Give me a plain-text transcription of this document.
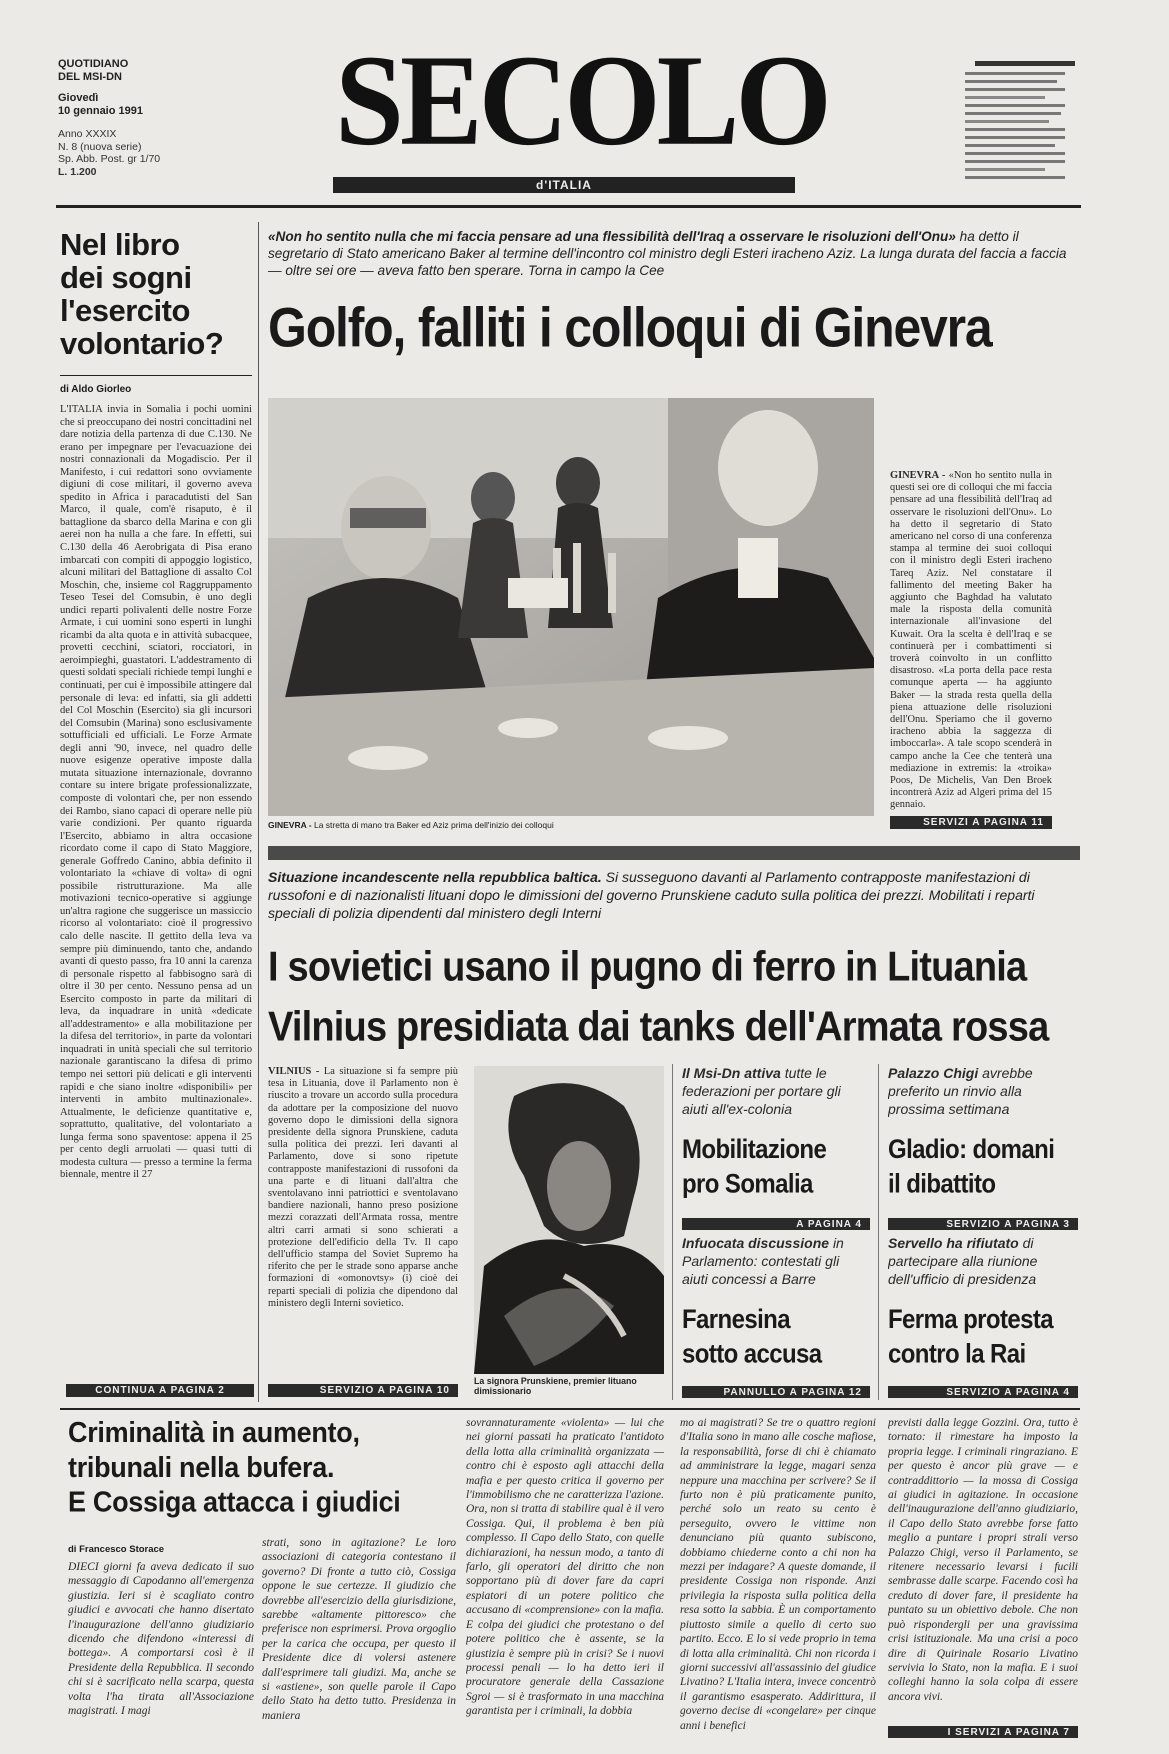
QUOTIDIANO
DEL MSI-DN
Giovedì
10 gennaio 1991
Anno XXXIX
N. 8 (nuova serie)
Sp. Abb. Post. gr 1/70
L. 1.200	SECOLO
d'ITALIA
Nel libro
dei sogni
l'esercito
volontario?
di Aldo Giorleo
L'ITALIA invia in Somalia i pochi uomini che si preoccupano dei nostri concittadini nel dare notizia della partenza di due C.130. Ne erano per impegnare per l'evacuazione dei nostri connazionali da Mogadiscio. Per il Manifesto, i cui redattori sono ovviamente digiuni di cose militari, il governo aveva spedito in Africa i paracadutisti del San Marco, il quale, com'è risaputo, è il battaglione da sbarco della Marina e con gli aerei non ha nulla a che fare. In effetti, sui C.130 della 46 Aerobrigata di Pisa erano imbarcati con compiti di appoggio logistico, alcuni militari del Battaglione di assalto Col Moschin, che, insieme col Raggruppamento Teseo Tesei del Comsubin, è uno degli undici reparti polivalenti delle nostre Forze Armate, i cui uomini sono esperti in lunghi ricambi da alta quota e in attività subacquee, provetti cecchini, sciatori, rocciatori, in aeroimpieghi, guastatori. L'addestramento di questi soldati speciali richiede tempi lunghi e continuati, per cui è impossibile attingere dal personale di leva: ed infatti, sia gli addetti del Col Moschin (Esercito) sia gli incursori del Comsubin (Marina) sono esclusivamente sottufficiali ed ufficiali. Le Forze Armate degli anni '90, invece, nel quadro delle nuove esigenze operative imposte dalla mutata situazione internazionale, dovranno contare su intere brigate professionalizzate, composte di volontari che, per non essendo dei Rambo, siano capaci di operare nelle più varie condizioni. Per quanto riguarda l'Esercito, abbiamo in altra occasione ricordato come il capo di Stato Maggiore, generale Goffredo Canino, abbia definito il volontariato la «chiave di volta» di ogni possibile ristrutturazione. Ma alle motivazioni tecnico-operative si aggiunge un'altra ragione che suggerisce un massiccio ricorso al volontariato: cioè il progressivo calo delle nascite. Il gettito della leva va sempre più diminuendo, tanto che, andando avanti di questo passo, fra 10 anni la carenza di personale rispetto al fabbisogno sarà di oltre il 30 per cento. Nessuno pensa ad un Esercito composto in parte da militari di leva, da inquadrare in unità «dedicate all'addestramento» e alla mobilitazione per la difesa del territorio», in parte da volontari inquadrati in unità speciali che sul territorio nazionale garantiscano la difesa di primo tempo nei settori più delicati e gli interventi rapidi e che siano inoltre «disponibili» per interventi in ambito multinazionale». Attualmente, le deficienze quantitative e, soprattutto, qualitative, del volontariato a lunga ferma sono spaventose: appena il 25 per cento degli arruolati — quasi tutti di modesta cultura — presso a termine la ferma biennale, mentre il 27
CONTINUA A PAGINA 2
«Non ho sentito nulla che mi faccia pensare ad una flessibilità dell'Iraq a osservare le risoluzioni dell'Onu» ha detto il segretario di Stato americano Baker al termine dell'incontro col ministro degli Esteri iracheno Aziz. La lunga durata del faccia a faccia — oltre sei ore — aveva fatto ben sperare. Torna in campo la Cee
Golfo, falliti i colloqui di Ginevra
GINEVRA - La stretta di mano tra Baker ed Aziz prima dell'inizio dei colloqui
GINEVRA - «Non ho sentito nulla in questi sei ore di colloqui che mi faccia pensare ad una flessibilità dell'Iraq ad osservare le risoluzioni dell'Onu». Lo ha detto il segretario di Stato americano nel corso di una conferenza stampa al termine dei suoi colloqui con il ministro degli Esteri iracheno Tareq Aziz. Nel constatare il fallimento del meeting Baker ha aggiunto che Baghdad ha valutato male la risposta della comunità internazionale all'invasione del Kuwait. Ora la scelta è dell'Iraq e se continuerà per i combattimenti si troverà coinvolto in un conflitto disastroso. «La porta della pace resta comunque aperta — ha aggiunto Baker — la strada resta quella della piena attuazione delle risoluzioni dell'Onu. Speriamo che il governo iracheno abbia la saggezza di imboccarla». A tale scopo scenderà in campo anche la Cee che tenterà una mediazione in extremis: la «troika» Poos, De Michelis, Van Den Broek incontrerà Aziz ad Algeri prima del 15 gennaio.
SERVIZI A PAGINA 11
Situazione incandescente nella repubblica baltica. Si susseguono davanti al Parlamento contrapposte manifestazioni di russofoni e di nazionalisti lituani dopo le dimissioni del governo Prunskiene caduto sulla politica dei prezzi. Mobilitati i reparti speciali di polizia dipendenti dal ministero degli Interni
I sovietici usano il pugno di ferro in Lituania
Vilnius presidiata dai tanks dell'Armata rossa
VILNIUS - La situazione si fa sempre più tesa in Lituania, dove il Parlamento non è riuscito a trovare un accordo sulla procedura da adottare per la composizione del nuovo governo dopo le dimissioni della signora presidente della signora Prunskiene, caduta sulla politica dei prezzi. Ieri davanti al Parlamento, dove si sono ripetute contrapposte manifestazioni di russofoni da una parte e di lituani dall'altra che sventolavano inni patriottici e sventolavano bandiere nazionali, hanno preso posizione mezzi corazzati dell'Armata rossa, mentre altri carri armati si sono schierati a protezione dell'edificio della Tv. Il capo dell'ufficio stampa del Soviet Supremo ha riferito che per le strade sono apparse anche formazioni di «omonovtsy» (i) cioè dei reparti speciali di polizia che dipendono dal ministero degli Interni sovietico.
SERVIZIO A PAGINA 10
La signora Prunskiene, premier lituano dimissionario
Il Msi-Dn attiva tutte le federazioni per portare gli aiuti all'ex-colonia
Mobilitazione
pro Somalia
A PAGINA 4
Palazzo Chigi avrebbe preferito un rinvio alla prossima settimana
Gladio: domani
il dibattito
SERVIZIO A PAGINA 3
Infuocata discussione in Parlamento: contestati gli aiuti concessi a Barre
Farnesina
sotto accusa
PANNULLO A PAGINA 12
Servello ha rifiutato di partecipare alla riunione dell'ufficio di presidenza
Ferma protesta
contro la Rai
SERVIZIO A PAGINA 4
Criminalità in aumento,
tribunali nella bufera.
E Cossiga attacca i giudici
di Francesco Storace
DIECI giorni fa aveva dedicato il suo messaggio di Capodanno all'emergenza giustizia. Ieri si è scagliato contro giudici e avvocati che hanno disertato l'inaugurazione dell'anno giudiziario dicendo che difendono «interessi di bottega». A comportarsi così è il Presidente della Repubblica. Il secondo chi si è sacrificato nella scarpa, questa volta l'ha tirata all'Associazione magistrati. I magi
strati, sono in agitazione? Le loro associazioni di categoria contestano il governo? Di fronte a tutto ciò, Cossiga oppone le sue certezze. Il giudizio che dovrebbe all'esercizio della giurisdizione, sarebbe «altamente pittoresco» che preferisce non esprimersi. Prova orgoglio per la carica che occupa, per questo il Presidente dice di volersi astenere dall'esprimere tali giudizi. Ma, anche se si «astiene», son quelle parole il Capo dello Stato ha detto tutto. Presidenza in maniera
sovrannaturamente «violenta» — lui che nei giorni passati ha praticato l'antidoto della lotta alla criminalità organizzata — contro chi è esposto agli attacchi della mafia e per questo critica il governo per l'immobilismo che ne caratterizza l'azione. Ora, non si tratta di stabilire qual è il vero Cossiga. Qui, il problema è ben più complesso. Il Capo dello Stato, con quelle dichiarazioni, ha nessun modo, a tanto di farlo, gli operatori del diritto che non sopportano più di dover fare da capri espiatori di un potere politico che accusano di «comprensione» con la mafia. E colpa dei giudici che protestano o del potere politico che è assente, se la giustizia è sempre più in crisi? Se i nuovi processi penali — lo ha detto ieri il procuratore generale della Cassazione Sgroi — si è trasformato in una macchina garantista per i criminali, la dobbia
mo ai magistrati? Se tre o quattro regioni d'Italia sono in mano alle cosche mafiose, la responsabilità, forse di chi è chiamato ad amministrare la legge, magari senza neppure una macchina per scrivere? Se il furto non è più praticamente punito, perché solo un reato su cento è perseguito, ovvero le vittime non denunciano più quanto subiscono, dobbiamo chiederne conto a chi non ha mezzi per indagare? A queste domande, il presidente Cossiga non risponde. Anzi privilegia la risposta sulla politica della resa sotto la sabbia. È un comportamento piuttosto simile a quello di certo suo partito. Ecco. E lo si vede proprio in tema di lotta alla criminalità. Chi non ricorda i giorni successivi all'assassinio del giudice Livatino? L'Italia intera, invece concentrò il garantismo esasperato. Addirittura, il governo decise di «congelare» per cinque anni i benefici
previsti dalla legge Gozzini. Ora, tutto è tornato: il rimestare ha imposto la propria legge. I criminali ringraziano. E per questo è ancor più grave — e contraddittorio — la mossa di Cossiga ai giudici in agitazione. In occasione dell'inaugurazione dell'anno giudiziario, il Capo dello Stato avrebbe forse fatto meglio a puntare i propri strali verso Palazzo Chigi, verso il Parlamento, se ritenere necessario levarsi i fucili sembrasse dalle scarpe. Facendo così ha creduto di dover fare, il presidente ha puntato su un obiettivo debole. Che non può rispondergli per una gravissima crisi istituzionale. Ma una crisi a poco dire di Quirinale Rosario Livatino servivia lo Stato, non la mafia. E i suoi colleghi hanno la sola colpa di essere ancora vivi.
I SERVIZI A PAGINA 7
